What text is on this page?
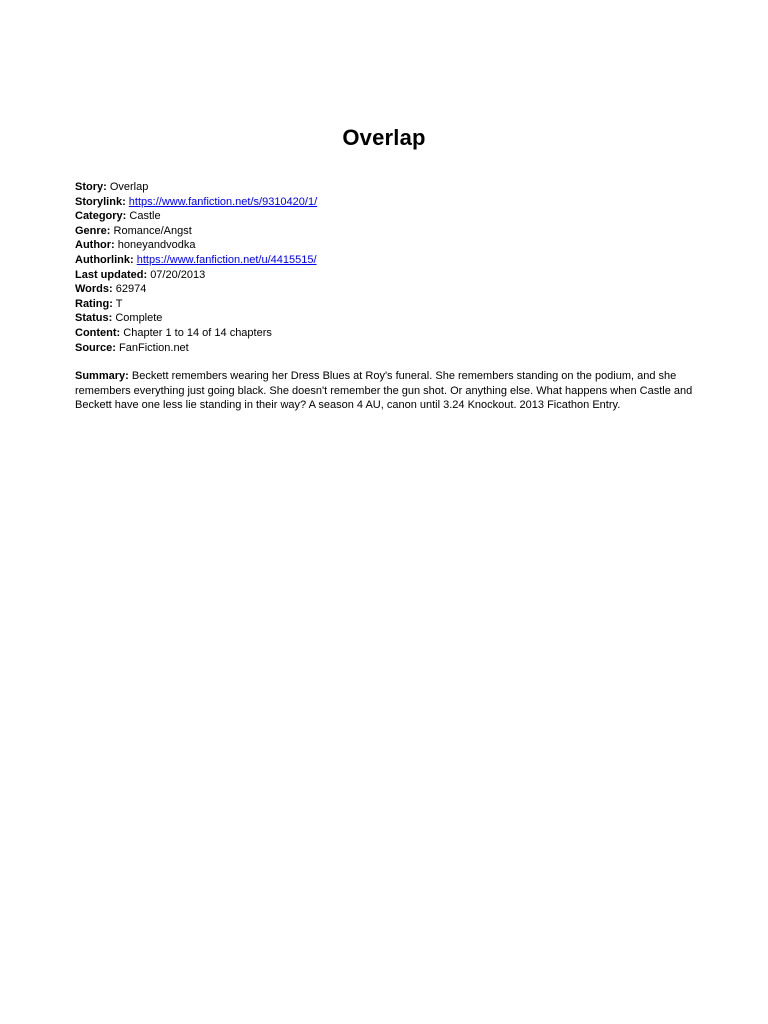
Overlap
Story: Overlap
Storylink: https://www.fanfiction.net/s/9310420/1/
Category: Castle
Genre: Romance/Angst
Author: honeyandvodka
Authorlink: https://www.fanfiction.net/u/4415515/
Last updated: 07/20/2013
Words: 62974
Rating: T
Status: Complete
Content: Chapter 1 to 14 of 14 chapters
Source: FanFiction.net
Summary: Beckett remembers wearing her Dress Blues at Roy's funeral. She remembers standing on the podium, and she remembers everything just going black. She doesn't remember the gun shot. Or anything else. What happens when Castle and Beckett have one less lie standing in their way? A season 4 AU, canon until 3.24 Knockout. 2013 Ficathon Entry.
